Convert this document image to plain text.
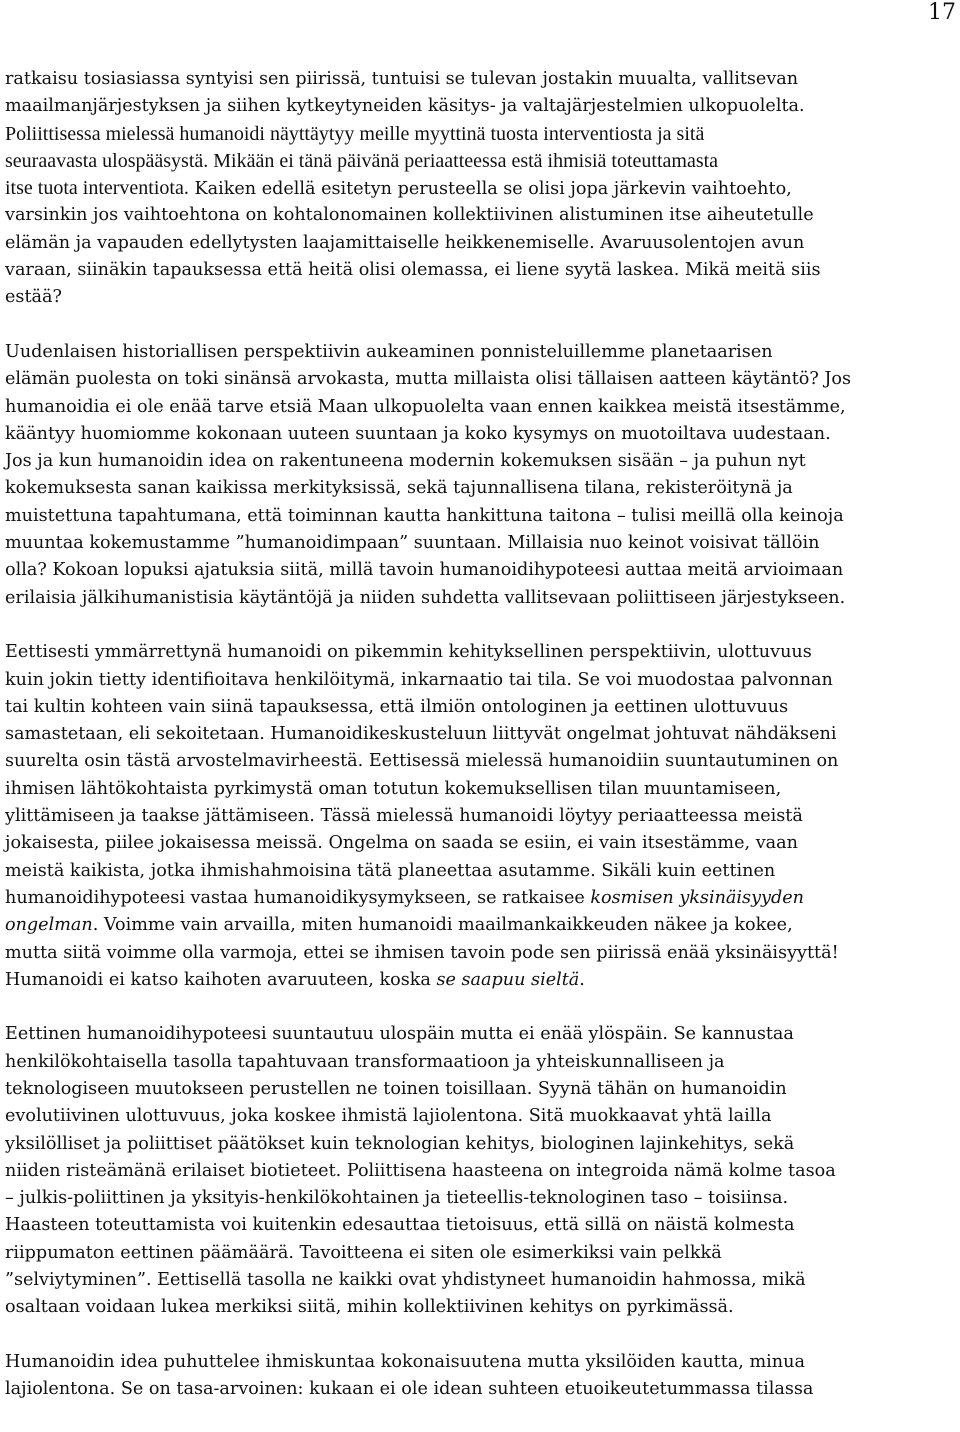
17
ratkaisu tosiasiassa syntyisi sen piirissä, tuntuisi se tulevan jostakin muualta, vallitsevan
maailmanjärjestyksen ja siihen kytkeytyneiden käsitys- ja valtajärjestelmien ulkopuolelta.
Poliittisessa mielessä humanoidi näyttäytyy meille myyttinä tuosta interventiosta ja sitä
seuraavasta ulospääsystä. Mikään ei tänä päivänä periaatteessa estä ihmisiä toteuttamasta
itse tuota interventiota. Kaiken edellä esitetyn perusteella se olisi jopa järkevin vaihtoehto,
varsinkin jos vaihtoehtona on kohtalonomainen kollektiivinen alistuminen itse aiheutetulle
elämän ja vapauden edellytysten laajamittaiselle heikkenemiselle. Avaruusolentojen avun
varaan, siinäkin tapauksessa että heitä olisi olemassa, ei liene syytä laskea. Mikä meitä siis
estää?
Uudenlaisen historiallisen perspektiivin aukeaminen ponnisteluillemme planetaarisen
elämän puolesta on toki sinänsä arvokasta, mutta millaista olisi tällaisen aatteen käytäntö? Jos
humanoidia ei ole enää tarve etsiä Maan ulkopuolelta vaan ennen kaikkea meistä itsestämme,
kääntyy huomiomme kokonaan uuteen suuntaan ja koko kysymys on muotoiltava uudestaan.
Jos ja kun humanoidin idea on rakentuneena modernin kokemuksen sisään – ja puhun nyt
kokemuksesta sanan kaikissa merkityksissä, sekä tajunnallisena tilana, rekisteröitynä ja
muistettuna tapahtumana, että toiminnan kautta hankittuna taitona – tulisi meillä olla keinoja
muuntaa kokemustamme ”humanoidimpaan” suuntaan. Millaisia nuo keinot voisivat tällöin
olla? Kokoan lopuksi ajatuksia siitä, millä tavoin humanoidihypoteesi auttaa meitä arvioimaan
erilaisia jälkihumanistisia käytäntöjä ja niiden suhdetta vallitsevaan poliittiseen järjestykseen.
Eettisesti ymmärrettynä humanoidi on pikemmin kehityksellinen perspektiivin, ulottuvuus
kuin jokin tietty identifioitava henkilöitymä, inkarnaatio tai tila. Se voi muodostaa palvonnan
tai kultin kohteen vain siinä tapauksessa, että ilmiön ontologinen ja eettinen ulottuvuus
samastetaan, eli sekoitetaan. Humanoidikeskusteluun liittyvät ongelmat johtuvat nähdäkseni
suurelta osin tästä arvostelmavirheestä. Eettisessä mielessä humanoidiin suuntautuminen on
ihmisen lähtökohtaista pyrkimystä oman totutun kokemuksellisen tilan muuntamiseen,
ylittämiseen ja taakse jättämiseen. Tässä mielessä humanoidi löytyy periaatteessa meistä
jokaisesta, piilee jokaisessa meissä. Ongelma on saada se esiin, ei vain itsestämme, vaan
meistä kaikista, jotka ihmishahmoisina tätä planeettaa asutamme. Sikäli kuin eettinen
humanoidihypoteesi vastaa humanoidikysymykseen, se ratkaisee kosmisen yksinäisyyden
ongelman. Voimme vain arvailla, miten humanoidi maailmankaikkeuden näkee ja kokee,
mutta siitä voimme olla varmoja, ettei se ihmisen tavoin pode sen piirissä enää yksinäisyyttä!
Humanoidi ei katso kaihoten avaruuteen, koska se saapuu sieltä.
Eettinen humanoidihypoteesi suuntautuu ulospäin mutta ei enää ylöspäin. Se kannustaa
henkilökohtaisella tasolla tapahtuvaan transformaatioon ja yhteiskunnalliseen ja
teknologiseen muutokseen perustellen ne toinen toisillaan. Syynä tähän on humanoidin
evolutiivinen ulottuvuus, joka koskee ihmistä lajiolentona. Sitä muokkaavat yhtä lailla
yksilölliset ja poliittiset päätökset kuin teknologian kehitys, biologinen lajinkehitys, sekä
niiden risteämänä erilaiset biotieteet. Poliittisena haasteena on integroida nämä kolme tasoa
– julkis-poliittinen ja yksityis-henkilökohtainen ja tieteellis-teknologinen taso – toisiinsa.
Haasteen toteuttamista voi kuitenkin edesauttaa tietoisuus, että sillä on näistä kolmesta
riippumaton eettinen päämäärä. Tavoitteena ei siten ole esimerkiksi vain pelkkä
”selviytyminen”. Eettisellä tasolla ne kaikki ovat yhdistyneet humanoidin hahmossa, mikä
osaltaan voidaan lukea merkiksi siitä, mihin kollektiivinen kehitys on pyrkimässä.
Humanoidin idea puhuttelee ihmiskuntaa kokonaisuutena mutta yksilöiden kautta, minua
lajiolentona. Se on tasa-arvoinen: kukaan ei ole idean suhteen etuoikeutetummassa tilassa
